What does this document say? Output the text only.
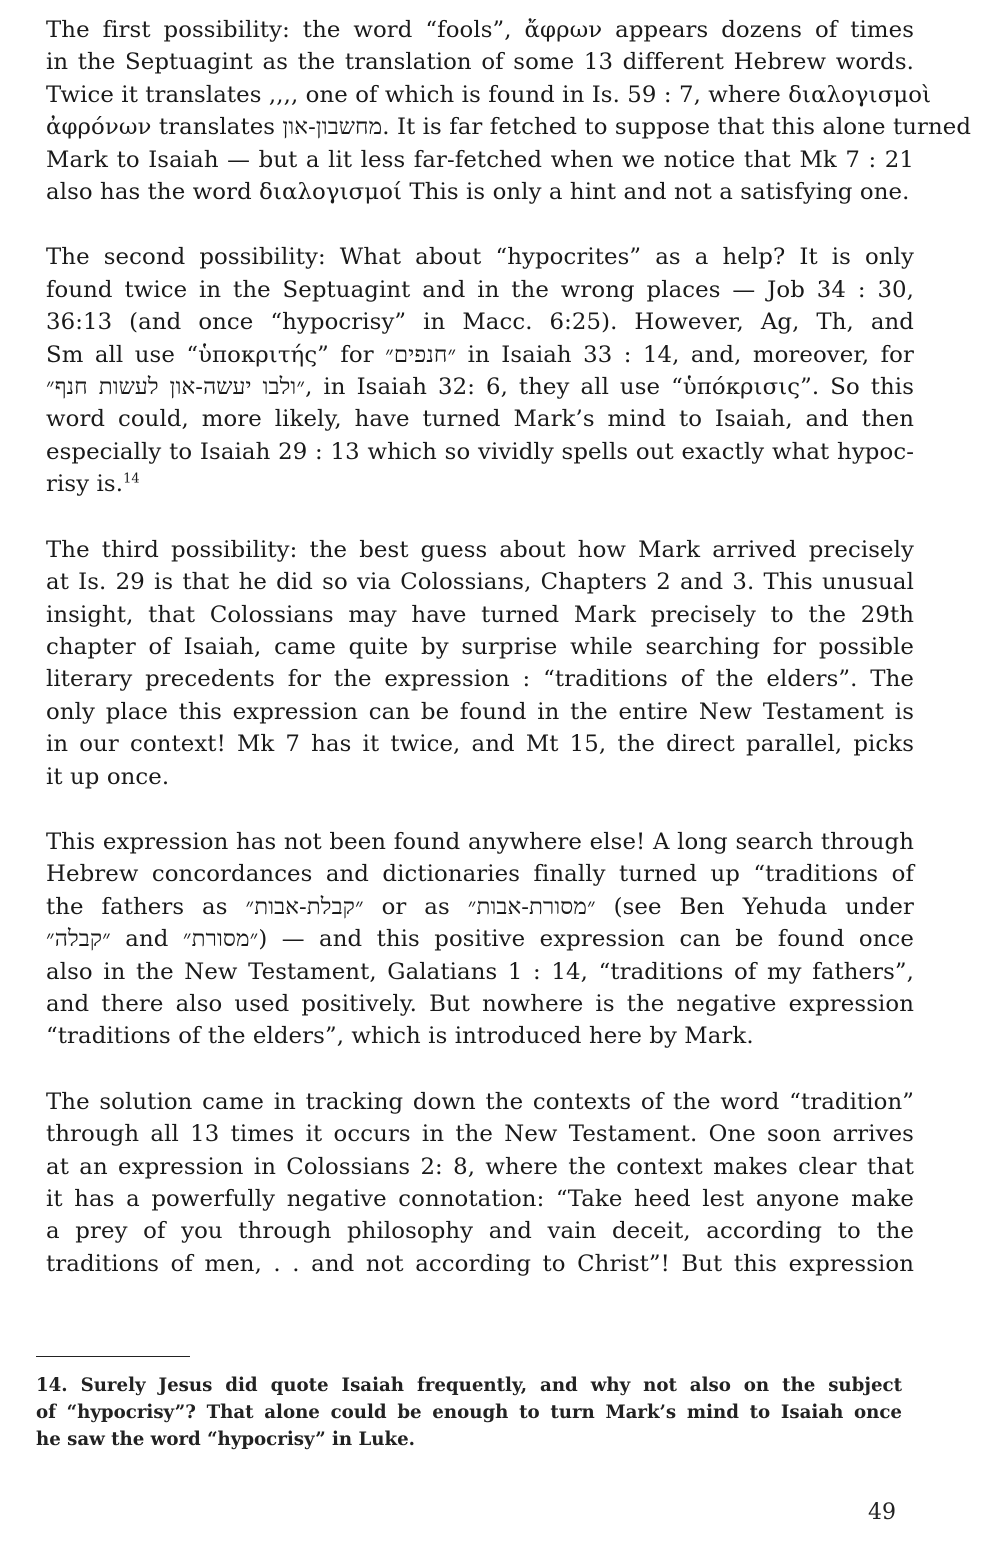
The first possibility: the word “fools”, ἄφρων appears dozens of times
in the Septuagint as the translation of some 13 different Hebrew words.
Twice it translates ,,,, one of which is found in Is. 59 : 7, where διαλογισμοὶ
ἀφρόνων translates מחשבון-און. It is far fetched to suppose that this alone turned
Mark to Isaiah — but a lit less far-fetched when we notice that Mk 7 : 21
also has the word διαλογισμοί This is only a hint and not a satisfying one.

The second possibility: What about “hypocrites” as a help? It is only
found twice in the Septuagint and in the wrong places — Job 34 : 30,
36:13 (and once “hypocrisy” in Macc. 6:25). However, Ag, Th, and
Sm all use “ὑποκριτής” for ״חנפים״ in Isaiah 33 : 14, and, moreover, for
״ולבו יעשה-און לעשות חנף״, in Isaiah 32: 6, they all use “ὑπόκρισις”. So this
word could, more likely, have turned Mark’s mind to Isaiah, and then
especially to Isaiah 29 : 13 which so vividly spells out exactly what hypoc-
risy is.$^{14}$

The third possibility: the best guess about how Mark arrived precisely
at Is. 29 is that he did so via Colossians, Chapters 2 and 3. This unusual
insight, that Colossians may have turned Mark precisely to the 29th
chapter of Isaiah, came quite by surprise while searching for possible
literary precedents for the expression : “traditions of the elders”. The
only place this expression can be found in the entire New Testament is
in our context! Mk 7 has it twice, and Mt 15, the direct parallel, picks
it up once.

This expression has not been found anywhere else! A long search through
Hebrew concordances and dictionaries finally turned up “traditions of
the fathers as ״קבלת-אבות״ or as ״מסורת-אבות״ (see Ben Yehuda under
״קבלה״ and ״מסורת״) — and this positive expression can be found once
also in the New Testament, Galatians 1 : 14, “traditions of my fathers”,
and there also used positively. But nowhere is the negative expression
“traditions of the elders”, which is introduced here by Mark.

The solution came in tracking down the contexts of the word “tradition”
through all 13 times it occurs in the New Testament. One soon arrives
at an expression in Colossians 2: 8, where the context makes clear that
it has a powerfully negative connotation: “Take heed lest anyone make
a prey of you through philosophy and vain deceit, according to the
traditions of men, . . and not according to Christ”! But this expression

14. Surely Jesus did quote Isaiah frequently, and why not also on the subject
of “hypocrisy”? That alone could be enough to turn Mark’s mind to Isaiah once
he saw the word “hypocrisy” in Luke.
49
